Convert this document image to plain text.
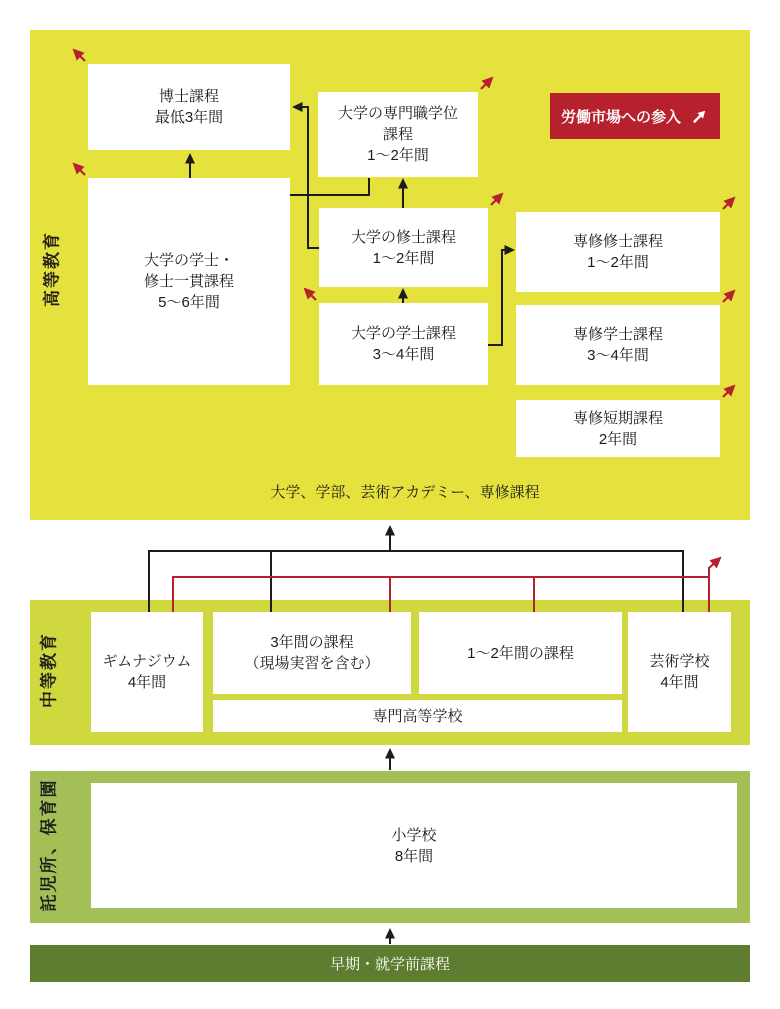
高等教育
博士課程
最低3年間	大学の専門職学位
課程
1～2年間
労働市場への参入
大学の学士・
修士一貫課程
5～6年間
大学の修士課程
1～2年間
専修修士課程
1～2年間
大学の学士課程
3～4年間
専修学士課程
3～4年間
専修短期課程
2年間
大学、学部、芸術アカデミー、専修課程
中等教育	ギムナジウム
4年間
3年間の課程
（現場実習を含む）
1～2年間の課程	芸術学校
4年間
専門高等学校
託児所、保育園	小学校
8年間
早期・就学前課程
